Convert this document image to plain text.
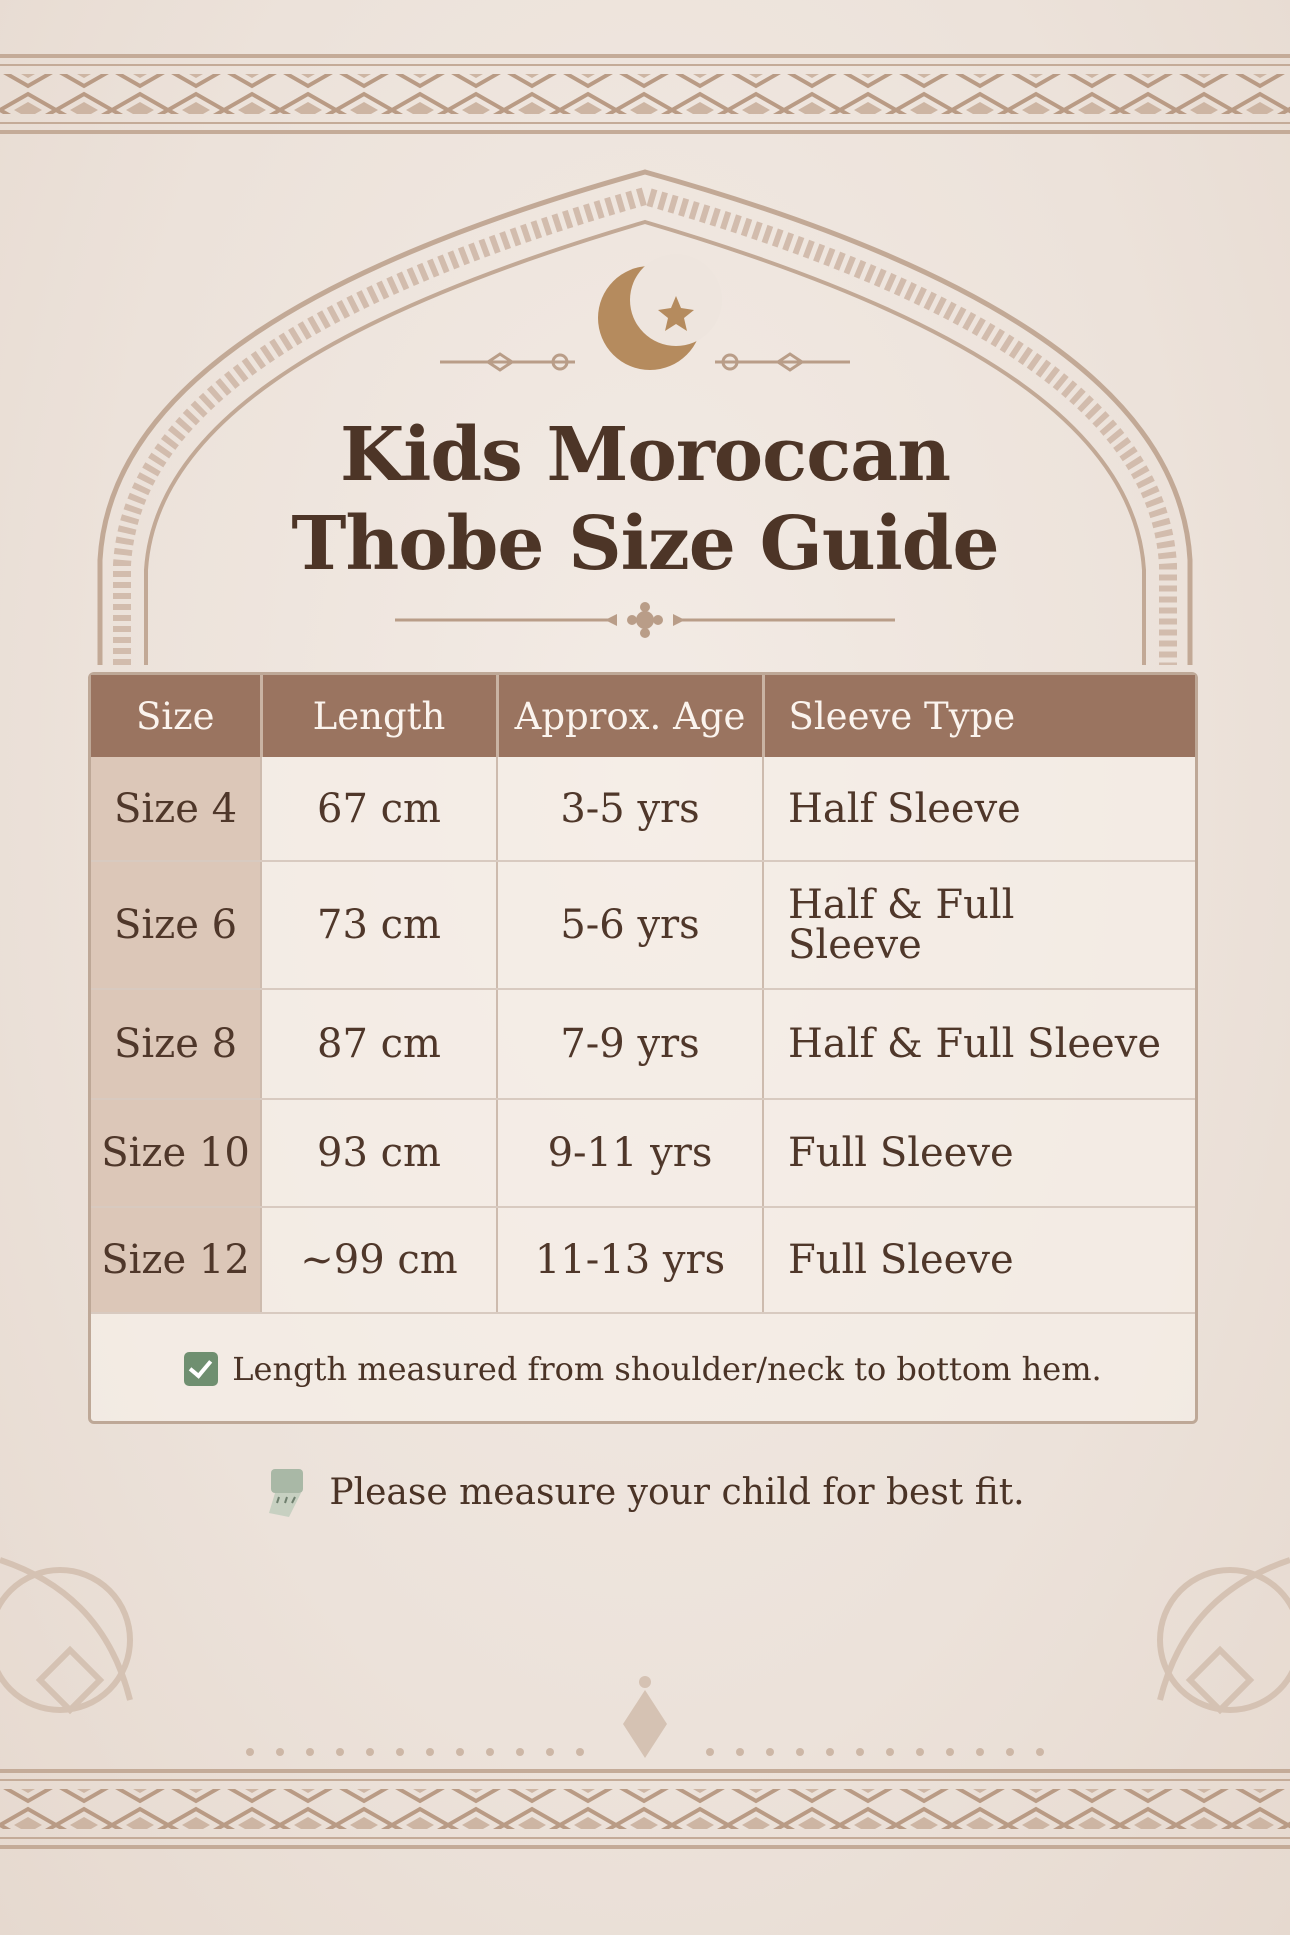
Kids Moroccan
Thobe Size Guide
Size	Length	Approx. Age	Sleeve Type
Size 4	67 cm	3-5 yrs	Half Sleeve
Size 6	73 cm	5-6 yrs	Half & Full
Sleeve

Size 8	87 cm	7-9 yrs	Half & Full Sleeve
Size 10	93 cm	9-11 yrs	Full Sleeve
Size 12	~99 cm	11-13 yrs	Full Sleeve
Length measured from shoulder/neck to bottom hem.
Please measure your child for best fit.
